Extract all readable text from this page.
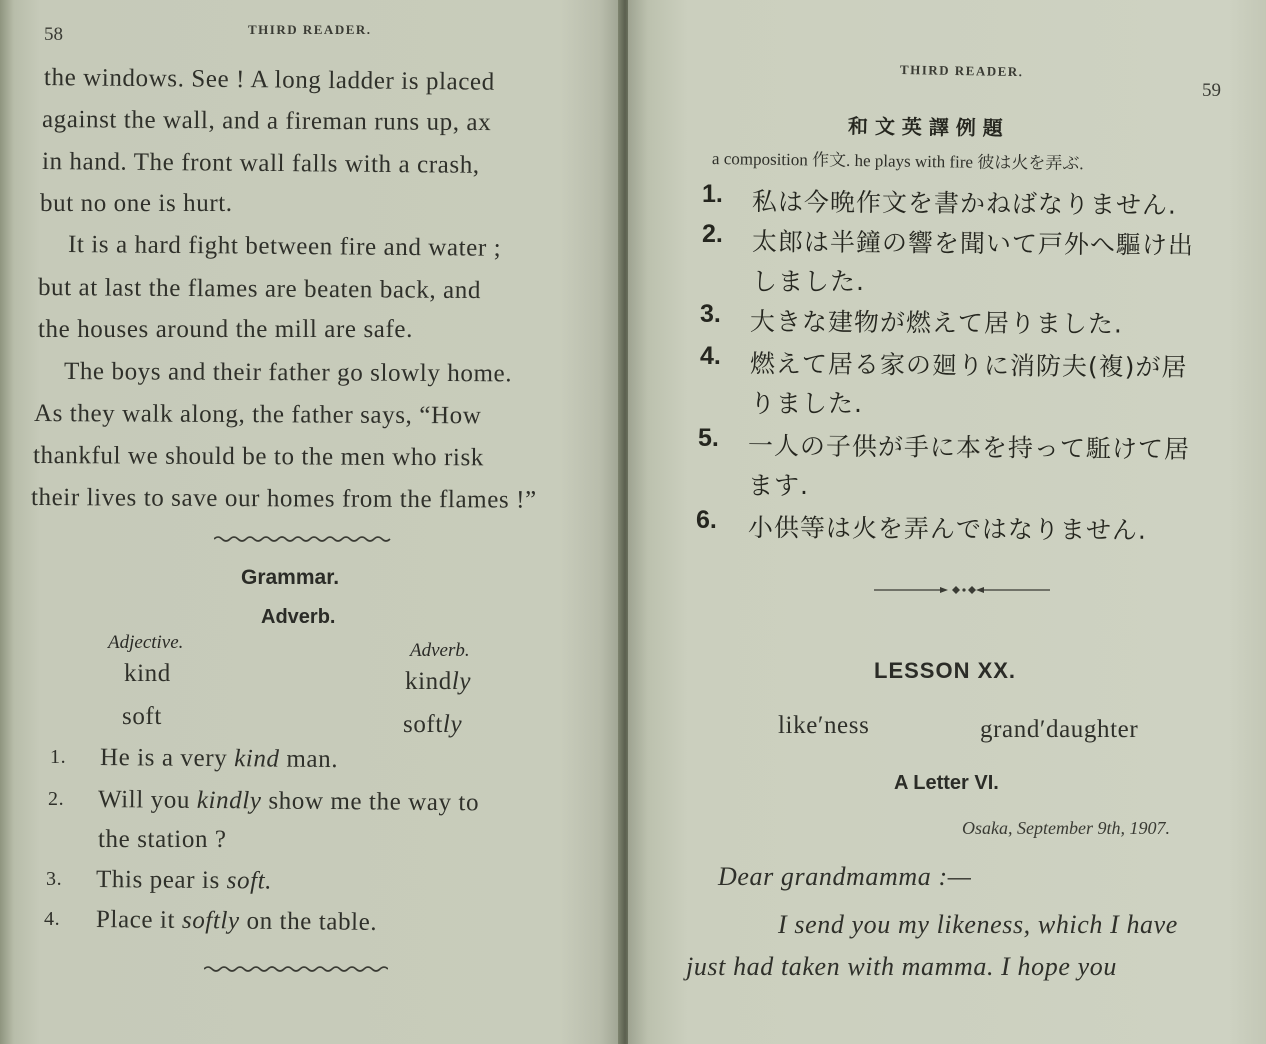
58	THIRD READER.
the windows. See ! A long ladder is placed
against the wall, and a fireman runs up, ax
in hand. The front wall falls with a crash,
but no one is hurt.
It is a hard fight between fire and water ;
but at last the flames are beaten back, and
the houses around the mill are safe.
The boys and their father go slowly home.
As they walk along, the father says, “How
thankful we should be to the men who risk
their lives to save our homes from the flames !”
Grammar.
Adverb.
Adjective.	Adverb.
kind	kindly
soft	softly
1. He is a very kind man.
2. Will you kindly show me the way to
the station ?
3. This pear is soft.
4. Place it softly on the table.
THIRD READER.
59
和 文 英 譯 例 題
a composition 作文. he plays with fire 彼は火を弄ぶ.
1. 私は今晩作文を書かねばなりません.
2. 太郎は半鐘の響を聞いて戸外へ驅け出
しました.
3. 大きな建物が燃えて居りました.
4. 燃えて居る家の廻りに消防夫(複)が居
りました.
5. 一人の子供が手に本を持って駈けて居
ます.
6. 小供等は火を弄んではなりません.
LESSON XX.
like′ness	grand′daughter
A Letter VI.
Osaka, September 9th, 1907.
Dear grandmamma :—
I send you my likeness, which I have
just had taken with mamma. I hope you
